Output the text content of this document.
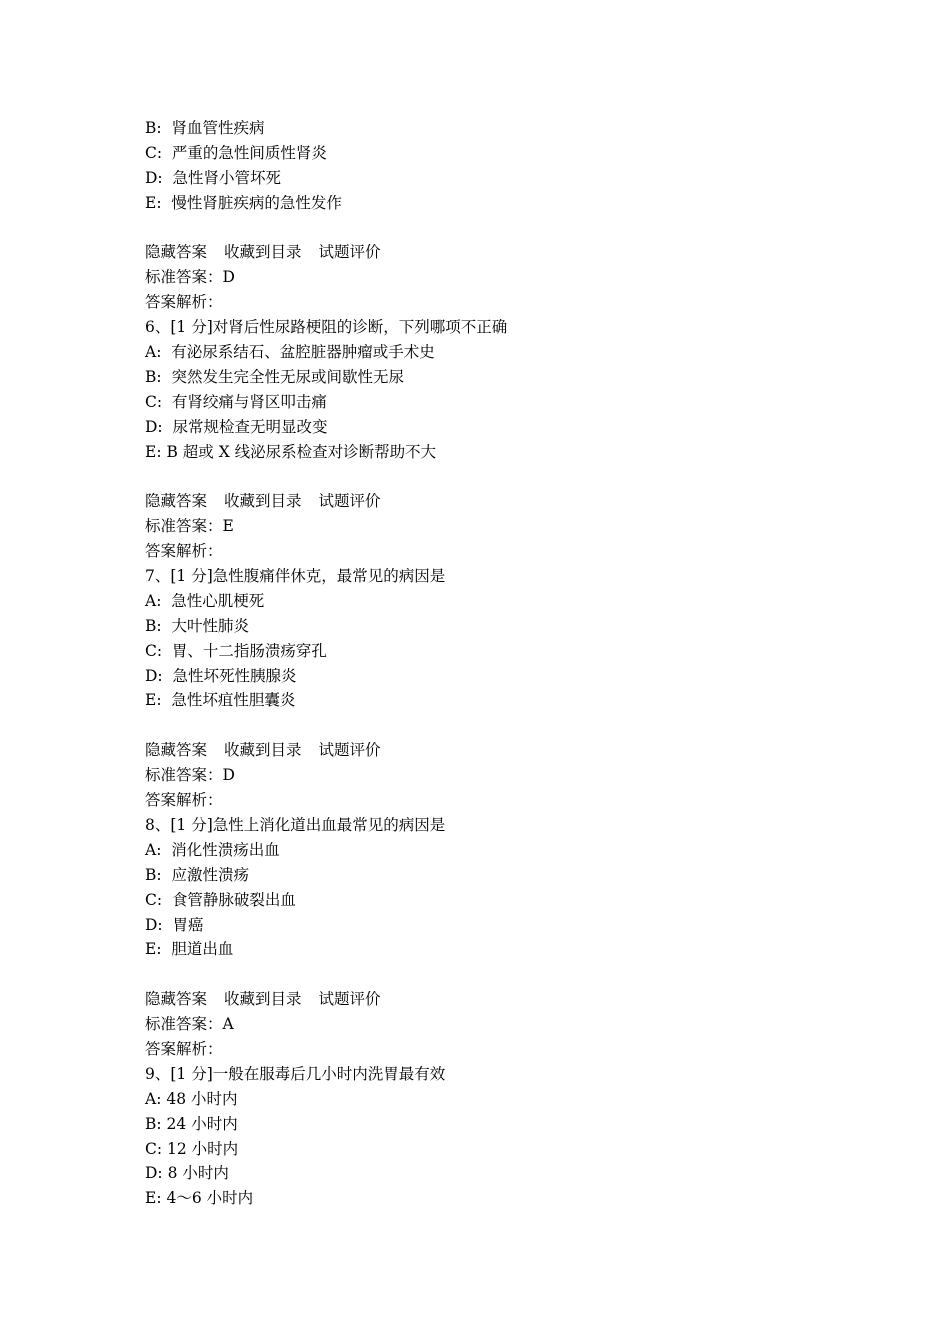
B:  肾血管性疾病

C:  严重的急性间质性肾炎

D:  急性肾小管坏死

E:  慢性肾脏疾病的急性发作

隐藏答案 收藏到目录 试题评价

标准答案：D

答案解析：

6、[1 分]对肾后性尿路梗阻的诊断，下列哪项不正确

A:  有泌尿系结石、盆腔脏器肿瘤或手术史

B:  突然发生完全性无尿或间歇性无尿

C:  有肾绞痛与肾区叩击痛

D:  尿常规检查无明显改变

E: B 超或 X 线泌尿系检查对诊断帮助不大

隐藏答案 收藏到目录 试题评价

标准答案：E

答案解析：

7、[1 分]急性腹痛伴休克，最常见的病因是

A:  急性心肌梗死

B:  大叶性肺炎

C:  胃、十二指肠溃疡穿孔

D:  急性坏死性胰腺炎

E:  急性坏疽性胆囊炎

隐藏答案 收藏到目录 试题评价

标准答案：D

答案解析：

8、[1 分]急性上消化道出血最常见的病因是

A:  消化性溃疡出血

B:  应激性溃疡

C:  食管静脉破裂出血

D:  胃癌

E:  胆道出血

隐藏答案 收藏到目录 试题评价

标准答案：A

答案解析：

9、[1 分]一般在服毒后几小时内洗胃最有效

A: 48 小时内

B: 24 小时内

C: 12 小时内

D: 8 小时内

E: 4～6 小时内
